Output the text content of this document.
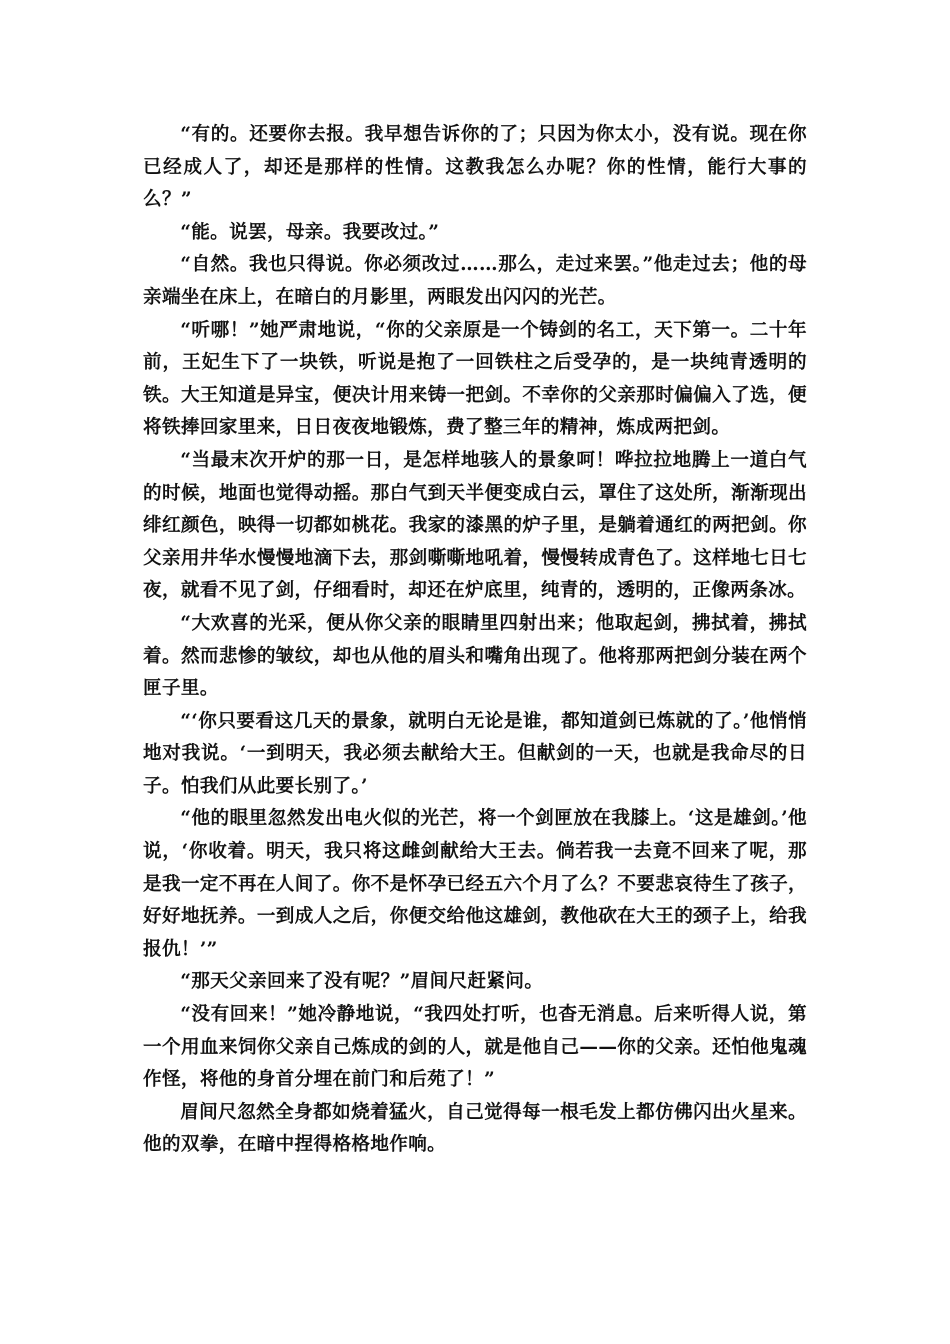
“有的。还要你去报。我早想告诉你的了；只因为你太小，没有说。现在你已经成人了，却还是那样的性情。这教我怎么办呢？你的性情，能行大事的么？”

“能。说罢，母亲。我要改过。”

“自然。我也只得说。你必须改过……那么，走过来罢。”他走过去；他的母亲端坐在床上，在暗白的月影里，两眼发出闪闪的光芒。

“听哪！”她严肃地说，“你的父亲原是一个铸剑的名工，天下第一。二十年前，王妃生下了一块铁，听说是抱了一回铁柱之后受孕的，是一块纯青透明的铁。大王知道是异宝，便决计用来铸一把剑。不幸你的父亲那时偏偏入了选，便将铁捧回家里来，日日夜夜地锻炼，费了整三年的精神，炼成两把剑。

“当最末次开炉的那一日，是怎样地骇人的景象呵！哗拉拉地腾上一道白气的时候，地面也觉得动摇。那白气到天半便变成白云，罩住了这处所，渐渐现出绯红颜色，映得一切都如桃花。我家的漆黑的炉子里，是躺着通红的两把剑。你父亲用井华水慢慢地滴下去，那剑嘶嘶地吼着，慢慢转成青色了。这样地七日七夜，就看不见了剑，仔细看时，却还在炉底里，纯青的，透明的，正像两条冰。

“大欢喜的光采，便从你父亲的眼睛里四射出来；他取起剑，拂拭着，拂拭着。然而悲惨的皱纹，却也从他的眉头和嘴角出现了。他将那两把剑分装在两个匣子里。

“‘你只要看这几天的景象，就明白无论是谁，都知道剑已炼就的了。’他悄悄地对我说。‘一到明天，我必须去献给大王。但献剑的一天，也就是我命尽的日子。怕我们从此要长别了。’

“他的眼里忽然发出电火似的光芒，将一个剑匣放在我膝上。‘这是雄剑。’他说，‘你收着。明天，我只将这雌剑献给大王去。倘若我一去竟不回来了呢，那是我一定不再在人间了。你不是怀孕已经五六个月了么？不要悲哀待生了孩子，好好地抚养。一到成人之后，你便交给他这雄剑，教他砍在大王的颈子上，给我报仇！’”

“那天父亲回来了没有呢？”眉间尺赶紧问。

“没有回来！”她冷静地说，“我四处打听，也杳无消息。后来听得人说，第一个用血来饲你父亲自己炼成的剑的人，就是他自己——你的父亲。还怕他鬼魂作怪，将他的身首分埋在前门和后苑了！”

眉间尺忽然全身都如烧着猛火，自己觉得每一根毛发上都仿佛闪出火星来。他的双拳，在暗中捏得格格地作响。
